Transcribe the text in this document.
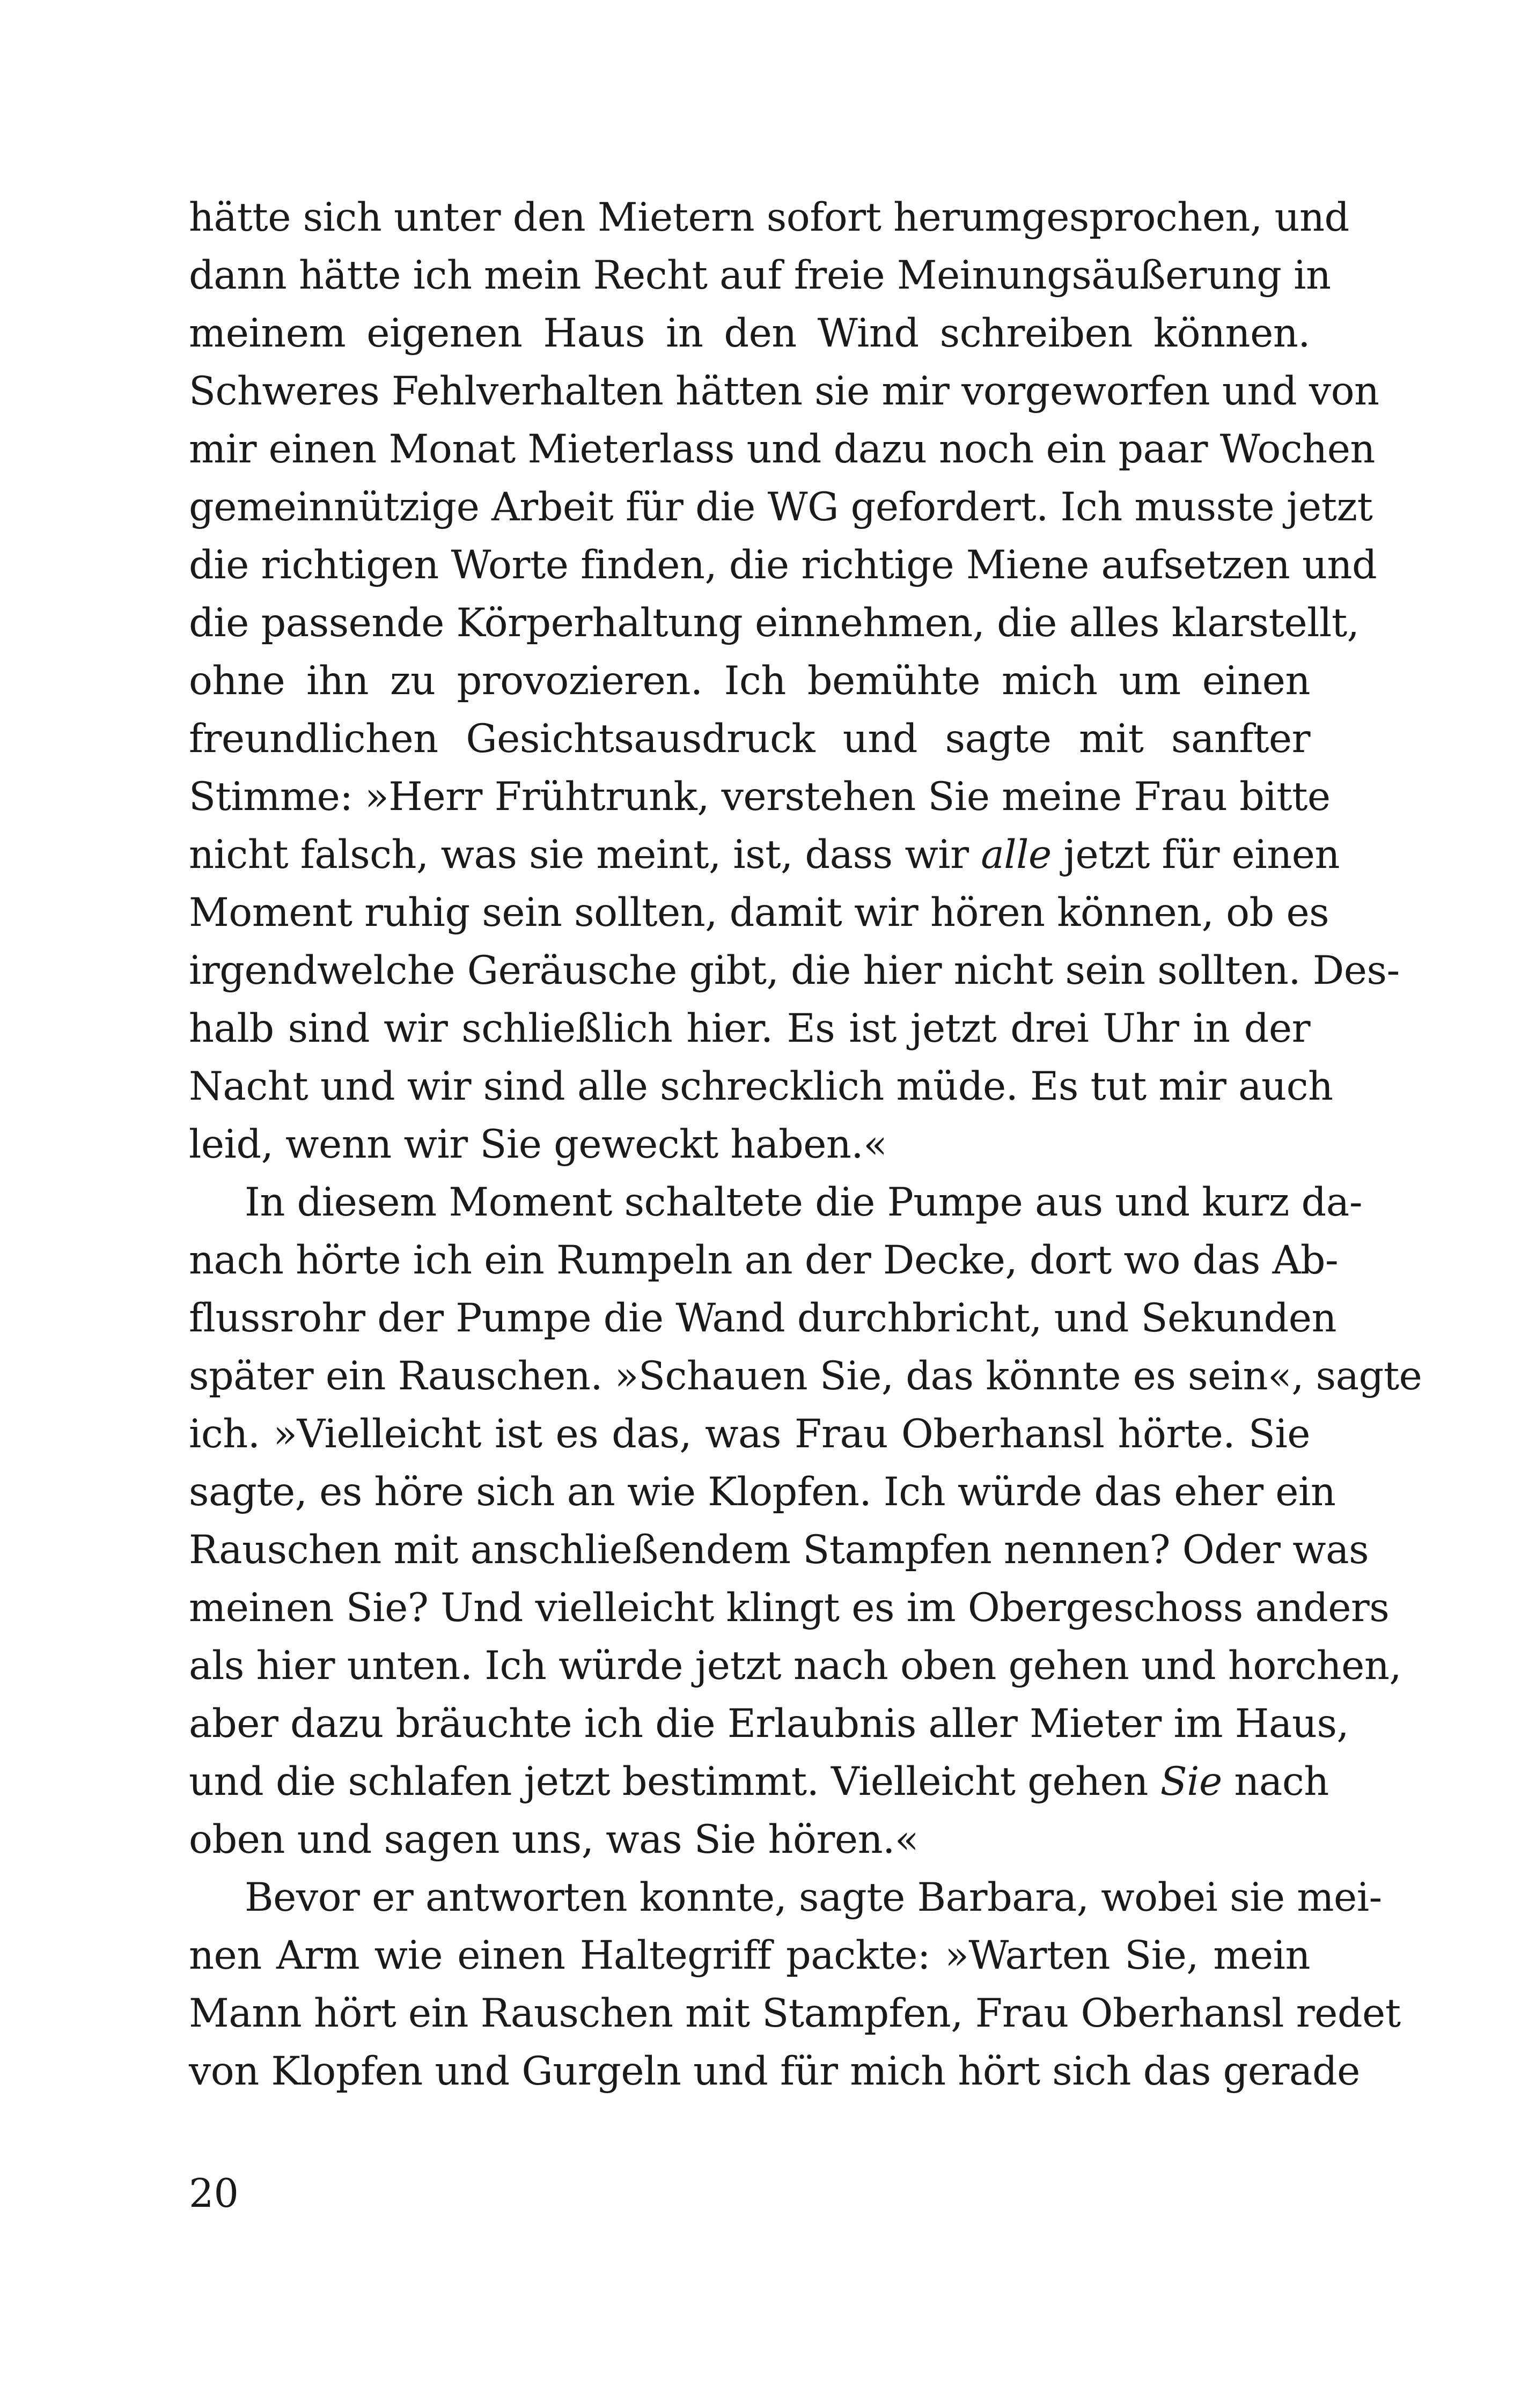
hätte sich unter den Mietern sofort herumgesprochen, und
dann hätte ich mein Recht auf freie Meinungsäußerung in
meinem eigenen Haus in den Wind schreiben können.
Schweres Fehlverhalten hätten sie mir vorgeworfen und von
mir einen Monat Mieterlass und dazu noch ein paar Wochen
gemeinnützige Arbeit für die WG gefordert. Ich musste jetzt
die richtigen Worte finden, die richtige Miene aufsetzen und
die passende Körperhaltung einnehmen, die alles klarstellt,
ohne ihn zu provozieren. Ich bemühte mich um einen
freundlichen Gesichtsausdruck und sagte mit sanfter
Stimme: »Herr Frühtrunk, verstehen Sie meine Frau bitte
nicht falsch, was sie meint, ist, dass wir alle jetzt für einen
Moment ruhig sein sollten, damit wir hören können, ob es
irgendwelche Geräusche gibt, die hier nicht sein sollten. Des-
halb sind wir schließlich hier. Es ist jetzt drei Uhr in der
Nacht und wir sind alle schrecklich müde. Es tut mir auch
leid, wenn wir Sie geweckt haben.«
In diesem Moment schaltete die Pumpe aus und kurz da-
nach hörte ich ein Rumpeln an der Decke, dort wo das Ab-
flussrohr der Pumpe die Wand durchbricht, und Sekunden
später ein Rauschen. »Schauen Sie, das könnte es sein«, sagte
ich. »Vielleicht ist es das, was Frau Oberhansl hörte. Sie
sagte, es höre sich an wie Klopfen. Ich würde das eher ein
Rauschen mit anschließendem Stampfen nennen? Oder was
meinen Sie? Und vielleicht klingt es im Obergeschoss anders
als hier unten. Ich würde jetzt nach oben gehen und horchen,
aber dazu bräuchte ich die Erlaubnis aller Mieter im Haus,
und die schlafen jetzt bestimmt. Vielleicht gehen Sie nach
oben und sagen uns, was Sie hören.«
Bevor er antworten konnte, sagte Barbara, wobei sie mei-
nen Arm wie einen Haltegriff packte: »Warten Sie, mein
Mann hört ein Rauschen mit Stampfen, Frau Oberhansl redet
von Klopfen und Gurgeln und für mich hört sich das gerade
20
